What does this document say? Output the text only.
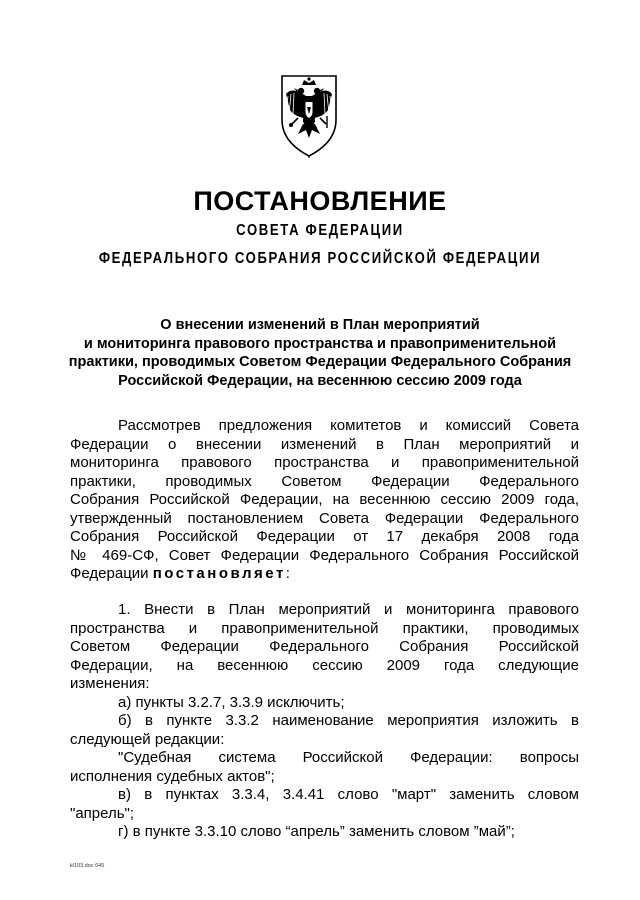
ПОСТАНОВЛЕНИЕ
СОВЕТА ФЕДЕРАЦИИ
ФЕДЕРАЛЬНОГО СОБРАНИЯ РОССИЙСКОЙ ФЕДЕРАЦИИ
О внесении изменений в План мероприятий
и мониторинга правового пространства и правоприменительной
практики, проводимых Советом Федерации Федерального Собрания
Российской Федерации, на весеннюю сессию 2009 года
Рассмотрев предложения комитетов и комиссий Совета
Федерации о внесении изменений в План мероприятий и
мониторинга правового пространства и правоприменительной
практики, проводимых Советом Федерации Федерального
Собрания Российской Федерации, на весеннюю сессию 2009 года,
утвержденный постановлением Совета Федерации Федерального
Собрания Российской Федерации от 17 декабря 2008 года
№ 469-СФ, Совет Федерации Федерального Собрания Российской
Федерации постановляет:
1. Внести в План мероприятий и мониторинга правового
пространства и правоприменительной практики, проводимых
Советом Федерации Федерального Собрания Российской
Федерации, на весеннюю сессию 2009 года следующие
изменения:
а) пункты 3.2.7, 3.3.9 исключить;
б) в пункте 3.3.2 наименование мероприятия изложить в
следующей редакции:
"Судебная система Российской Федерации: вопросы
исполнения судебных актов";
в) в пунктах 3.3.4, 3.4.41 слово "март" заменить словом
"апрель";
г) в пункте 3.3.10 слово “апрель” заменить словом ”май”;
kl103.doc 645
